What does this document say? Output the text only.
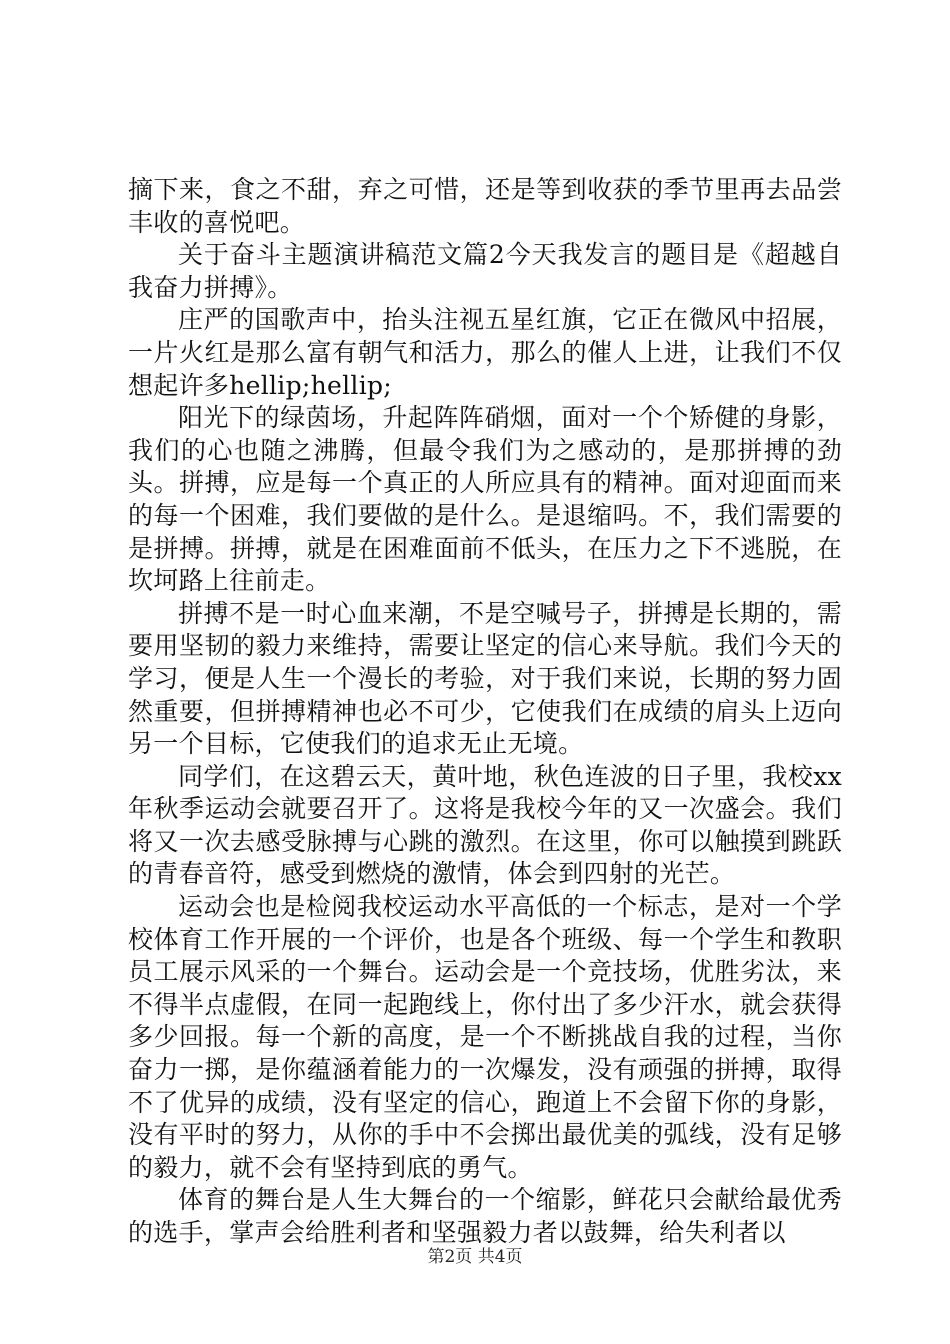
摘下来，食之不甜，弃之可惜，还是等到收获的季节里再去品尝丰收的喜悦吧。

关于奋斗主题演讲稿范文篇2今天我发言的题目是《超越自我奋力拼搏》。

庄严的国歌声中，抬头注视五星红旗，它正在微风中招展，一片火红是那么富有朝气和活力，那么的催人上进，让我们不仅想起许多hellip;hellip;

阳光下的绿茵场，升起阵阵硝烟，面对一个个矫健的身影，我们的心也随之沸腾，但最令我们为之感动的，是那拼搏的劲头。拼搏，应是每一个真正的人所应具有的精神。面对迎面而来的每一个困难，我们要做的是什么。是退缩吗。不，我们需要的是拼搏。拼搏，就是在困难面前不低头，在压力之下不逃脱，在坎坷路上往前走。

拼搏不是一时心血来潮，不是空喊号子，拼搏是长期的，需要用坚韧的毅力来维持，需要让坚定的信心来导航。我们今天的学习，便是人生一个漫长的考验，对于我们来说，长期的努力固然重要，但拼搏精神也必不可少，它使我们在成绩的肩头上迈向另一个目标，它使我们的追求无止无境。

同学们，在这碧云天，黄叶地，秋色连波的日子里，我校xx年秋季运动会就要召开了。这将是我校今年的又一次盛会。我们将又一次去感受脉搏与心跳的激烈。在这里，你可以触摸到跳跃的青春音符，感受到燃烧的激情，体会到四射的光芒。

运动会也是检阅我校运动水平高低的一个标志，是对一个学校体育工作开展的一个评价，也是各个班级、每一个学生和教职员工展示风采的一个舞台。运动会是一个竞技场，优胜劣汰，来不得半点虚假，在同一起跑线上，你付出了多少汗水，就会获得多少回报。每一个新的高度，是一个不断挑战自我的过程，当你奋力一掷，是你蕴涵着能力的一次爆发，没有顽强的拼搏，取得不了优异的成绩，没有坚定的信心，跑道上不会留下你的身影，没有平时的努力，从你的手中不会掷出最优美的弧线，没有足够的毅力，就不会有坚持到底的勇气。

体育的舞台是人生大舞台的一个缩影，鲜花只会献给最优秀的选手，掌声会给胜利者和坚强毅力者以鼓舞，给失利者以

第2页 共4页
